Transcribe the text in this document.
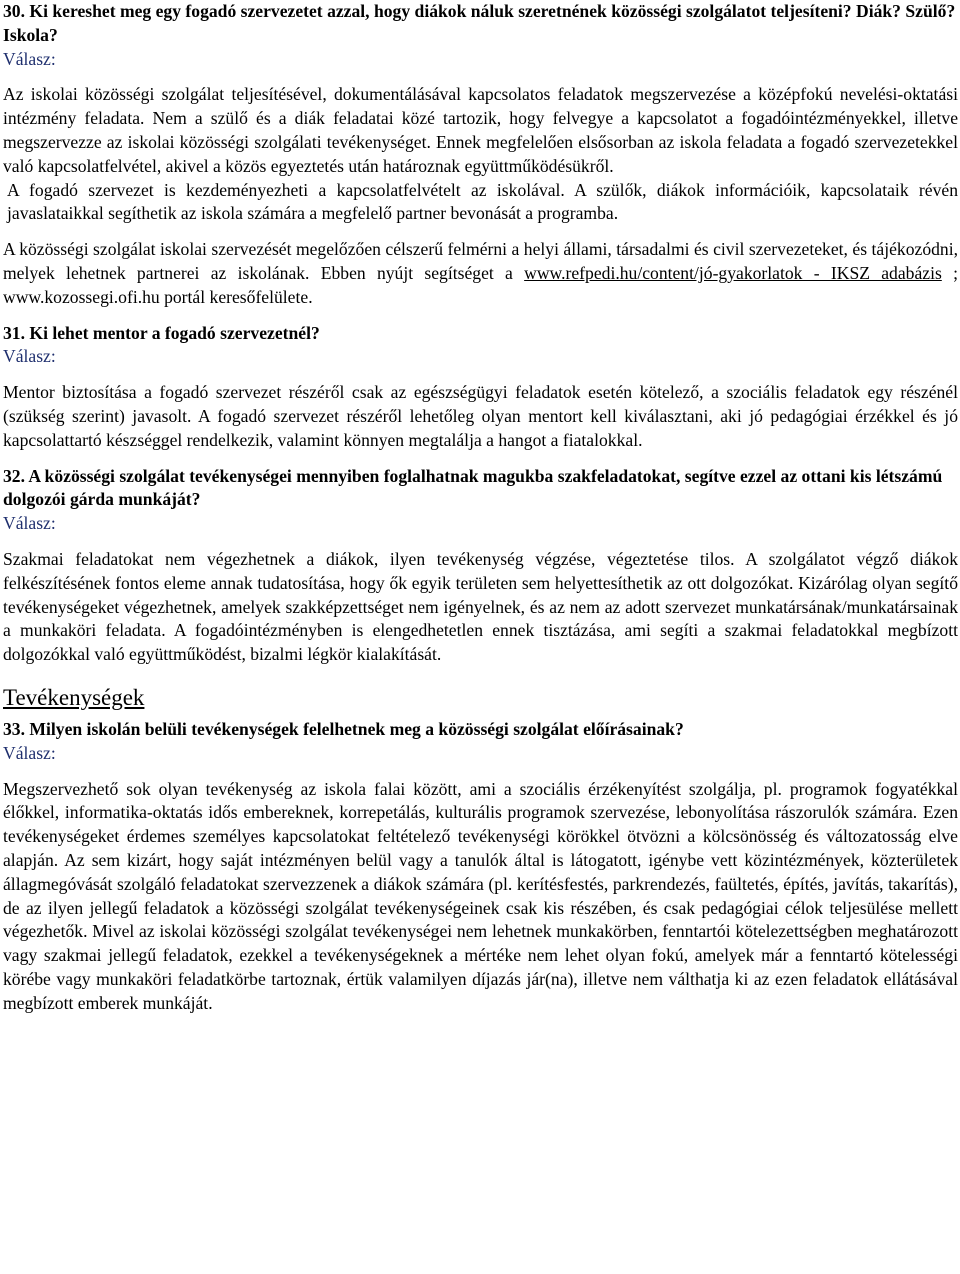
30. Ki kereshet meg egy fogadó szervezetet azzal, hogy diákok náluk szeretnének közösségi szolgálatot teljesíteni? Diák? Szülő? Iskola?

Válasz:

Az iskolai közösségi szolgálat teljesítésével, dokumentálásával kapcsolatos feladatok megszervezése a középfokú nevelési-oktatási intézmény feladata. Nem a szülő és a diák feladatai közé tartozik, hogy felvegye a kapcsolatot a fogadóintézményekkel, illetve megszervezze az iskolai közösségi szolgálati tevékenységet. Ennek megfelelően elsősorban az iskola feladata a fogadó szervezetekkel való kapcsolatfelvétel, akivel a közös egyeztetés után határoznak együttműködésükről.

A fogadó szervezet is kezdeményezheti a kapcsolatfelvételt az iskolával. A szülők, diákok információik, kapcsolataik révén javaslataikkal segíthetik az iskola számára a megfelelő partner bevonását a programba.

A közösségi szolgálat iskolai szervezését megelőzően célszerű felmérni a helyi állami, társadalmi és civil szervezeteket, és tájékozódni, melyek lehetnek partnerei az iskolának. Ebben nyújt segítséget a www.refpedi.hu/content/jó-gyakorlatok - IKSZ adabázis ; www.kozossegi.ofi.hu portál keresőfelülete.

31. Ki lehet mentor a fogadó szervezetnél?

Válasz:

Mentor biztosítása a fogadó szervezet részéről csak az egészségügyi feladatok esetén kötelező, a szociális feladatok egy részénél (szükség szerint) javasolt. A fogadó szervezet részéről lehetőleg olyan mentort kell kiválasztani, aki jó pedagógiai érzékkel és jó kapcsolattartó készséggel rendelkezik, valamint könnyen megtalálja a hangot a fiatalokkal.

32. A közösségi szolgálat tevékenységei mennyiben foglalhatnak magukba szakfeladatokat, segítve ezzel az ottani kis létszámú dolgozói gárda munkáját?

Válasz:

Szakmai feladatokat nem végezhetnek a diákok, ilyen tevékenység végzése, végeztetése tilos. A szolgálatot végző diákok felkészítésének fontos eleme annak tudatosítása, hogy ők egyik területen sem helyettesíthetik az ott dolgozókat. Kizárólag olyan segítő tevékenységeket végezhetnek, amelyek szakképzettséget nem igényelnek, és az nem az adott szervezet munkatársának/munkatársainak a munkaköri feladata. A fogadóintézményben is elengedhetetlen ennek tisztázása, ami segíti a szakmai feladatokkal megbízott dolgozókkal való együttműködést, bizalmi légkör kialakítását.

Tevékenységek

33. Milyen iskolán belüli tevékenységek felelhetnek meg a közösségi szolgálat előírásainak?

Válasz:

Megszervezhető sok olyan tevékenység az iskola falai között, ami a szociális érzékenyítést szolgálja, pl. programok fogyatékkal élőkkel, informatika-oktatás idős embereknek, korrepetálás, kulturális programok szervezése, lebonyolítása rászorulók számára. Ezen tevékenységeket érdemes személyes kapcsolatokat feltételező tevékenységi körökkel ötvözni a kölcsönösség és változatosság elve alapján. Az sem kizárt, hogy saját intézményen belül vagy a tanulók által is látogatott, igénybe vett közintézmények, közterületek állagmegóvását szolgáló feladatokat szervezzenek a diákok számára (pl. kerítésfestés, parkrendezés, faültetés, építés, javítás, takarítás), de az ilyen jellegű feladatok a közösségi szolgálat tevékenységeinek csak kis részében, és csak pedagógiai célok teljesülése mellett végezhetők. Mivel az iskolai közösségi szolgálat tevékenységei nem lehetnek munkakörben, fenntartói kötelezettségben meghatározott vagy szakmai jellegű feladatok, ezekkel a tevékenységeknek a mértéke nem lehet olyan fokú, amelyek már a fenntartó kötelességi körébe vagy munkaköri feladatkörbe tartoznak, értük valamilyen díjazás jár(na), illetve nem válthatja ki az ezen feladatok ellátásával megbízott emberek munkáját.
